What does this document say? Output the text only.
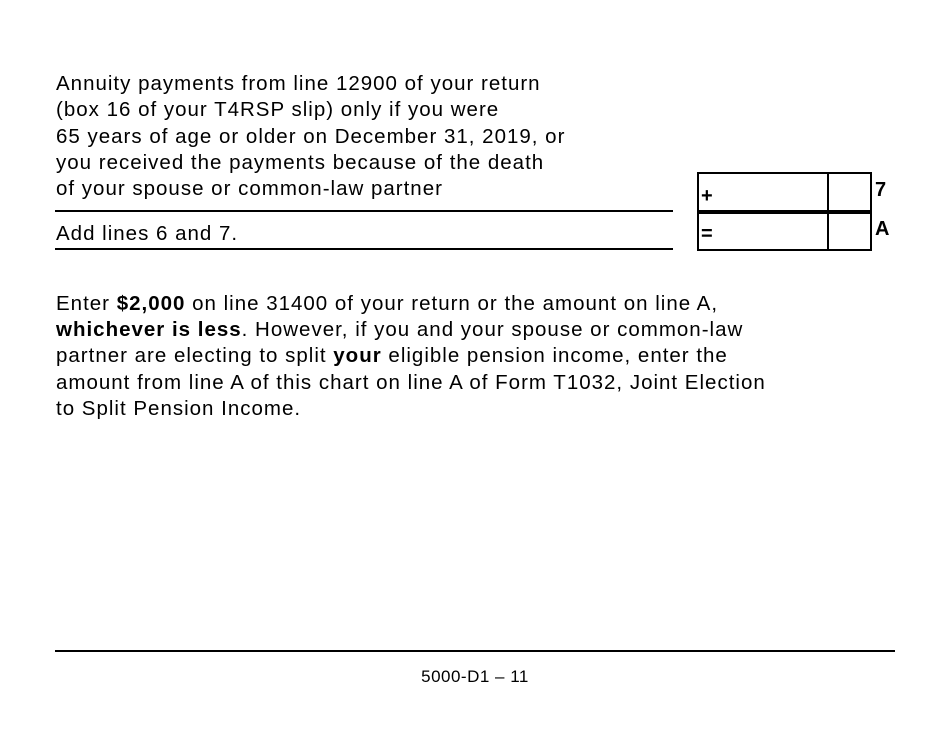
Annuity payments from line 12900 of your return
(box 16 of your T4RSP slip) only if you were
65 years of age or older on December 31, 2019, or
you received the payments because of the death
of your spouse or common-law partner	+	7
Add lines 6 and 7.	=	A
Enter $2,000 on line 31400 of your return or the amount on line A,
whichever is less. However, if you and your spouse or common-law
partner are electing to split your eligible pension income, enter the
amount from line A of this chart on line A of Form T1032, Joint Election
to Split Pension Income.
5000-D1 – 11
